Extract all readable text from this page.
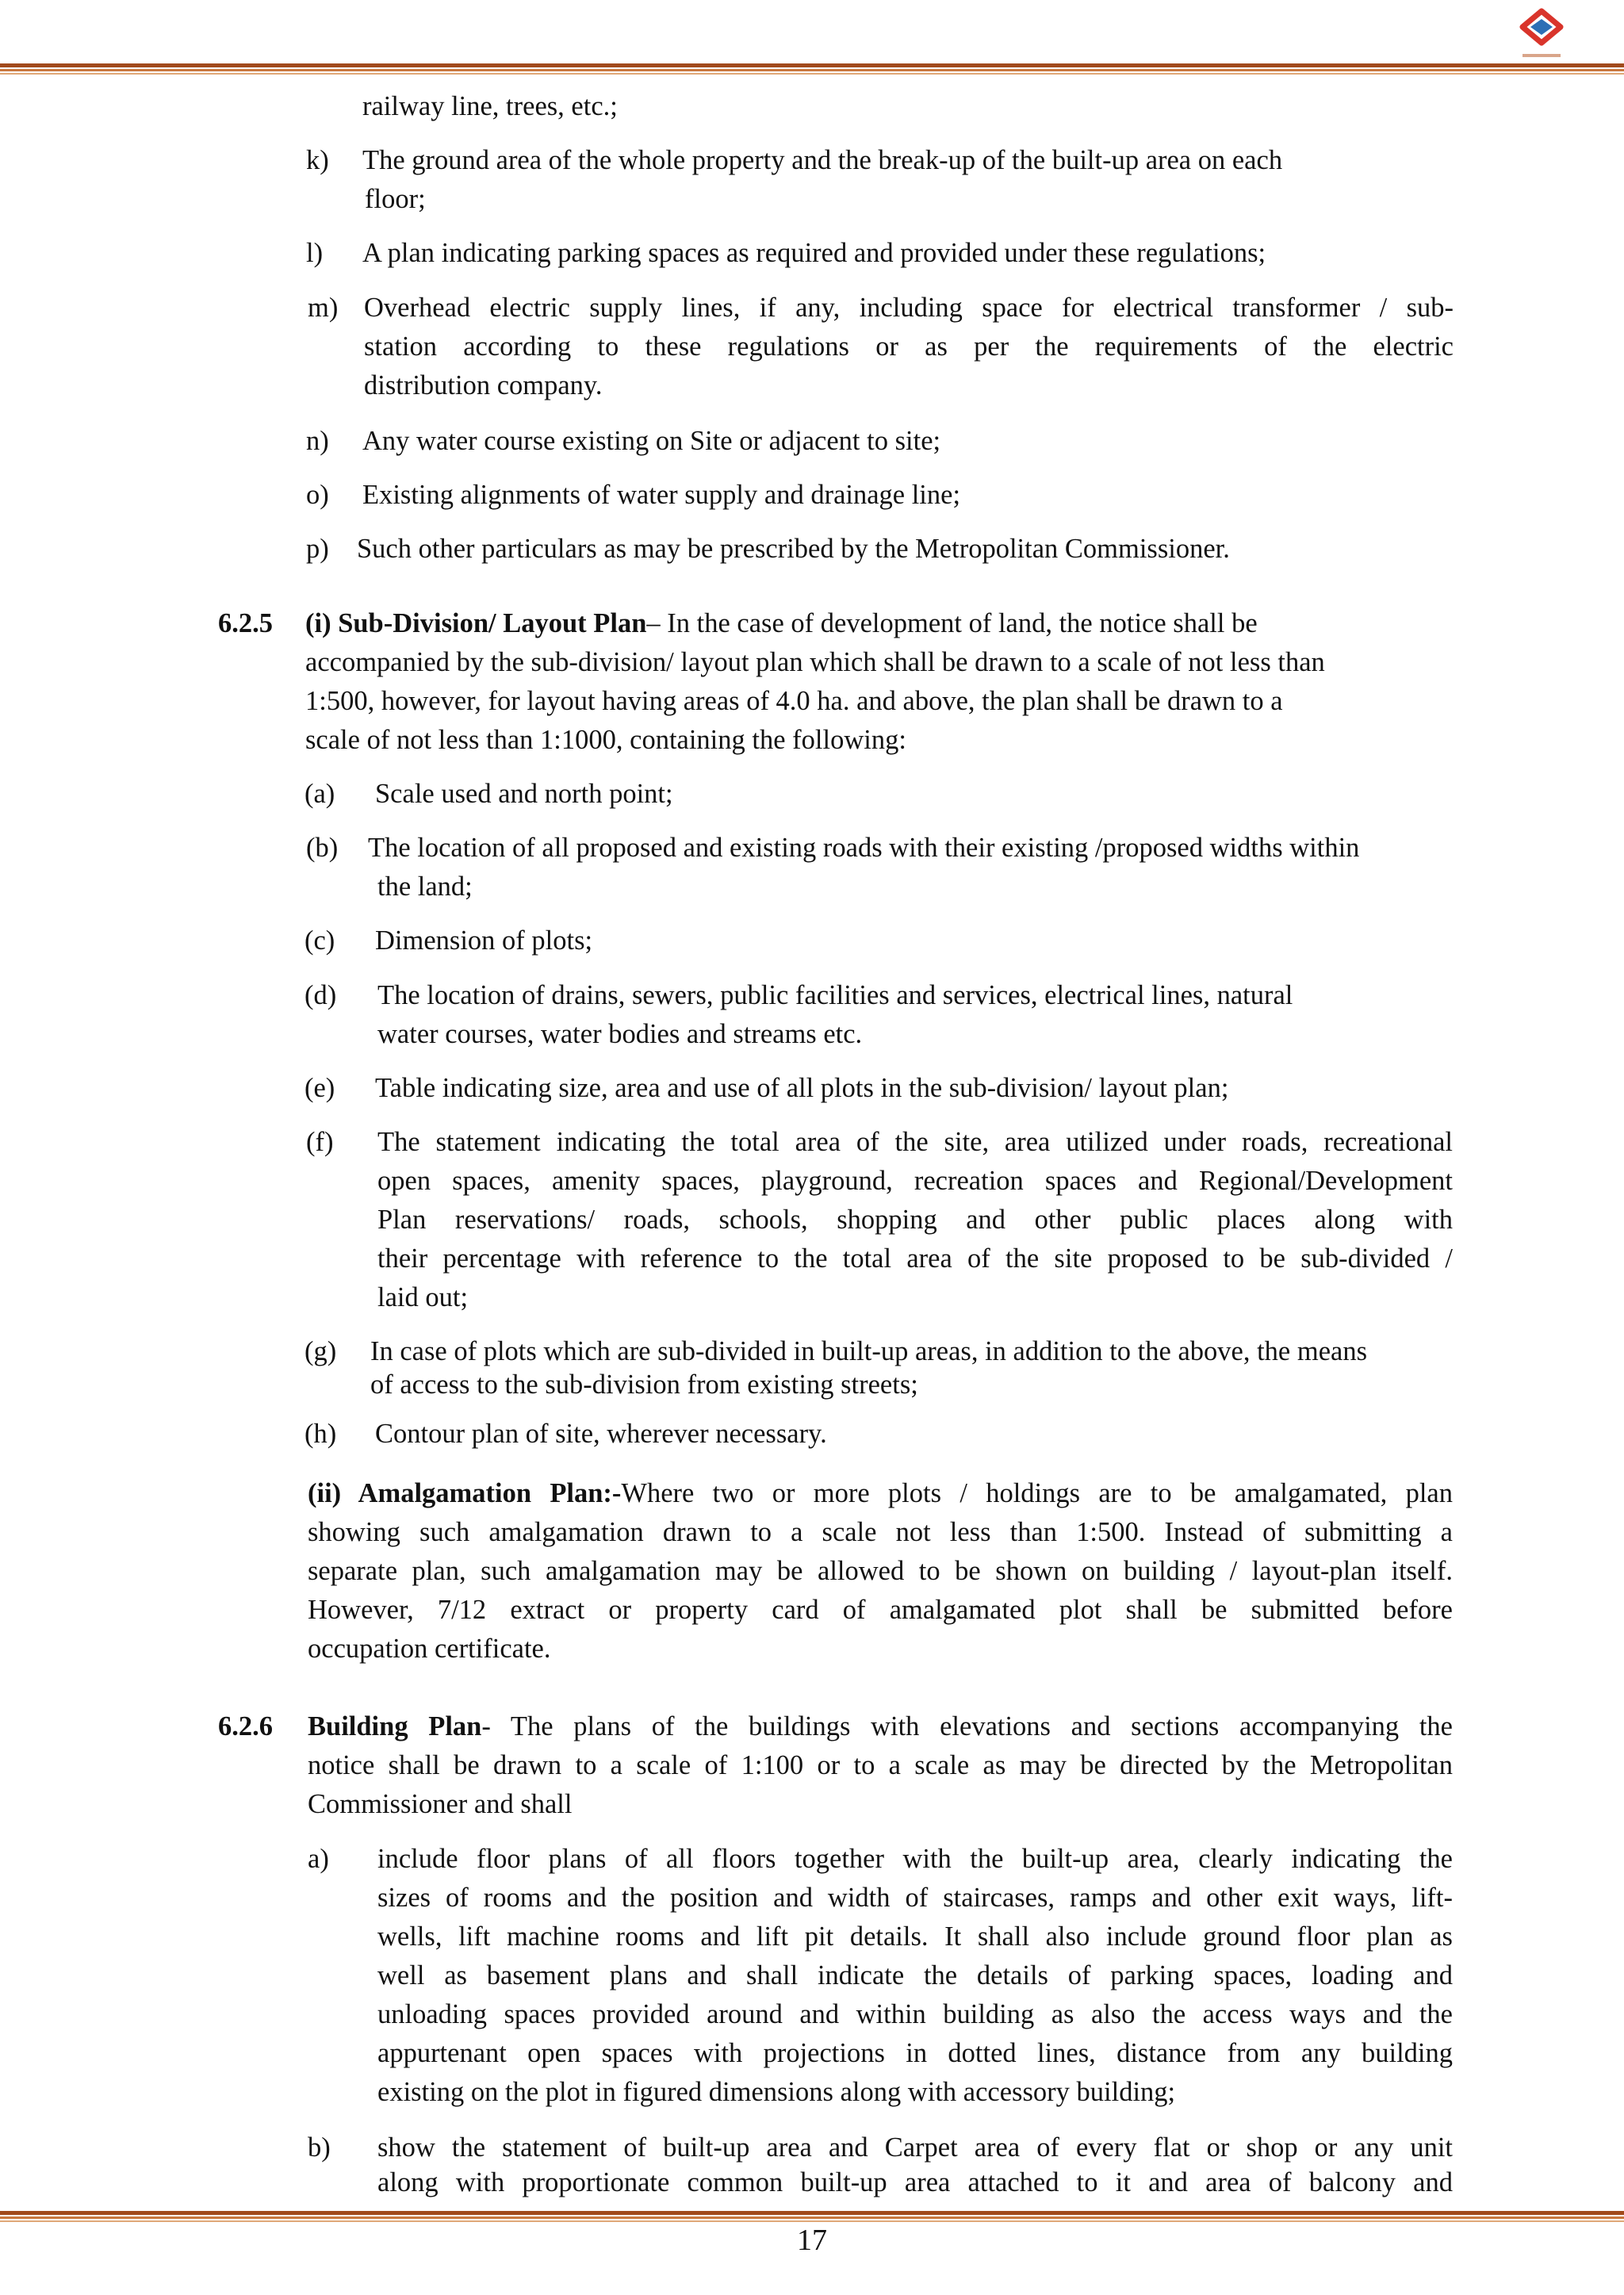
railway line, trees, etc.;
k) The ground area of the whole property and the break-up of the built-up area on each
floor;
l) A plan indicating parking spaces as required and provided under these regulations;
m) Overhead electric supply lines, if any, including space for electrical transformer / sub-
station according to these regulations or as per the requirements of the electric
distribution company.
n) Any water course existing on Site or adjacent to site;
o) Existing alignments of water supply and drainage line;
p) Such other particulars as may be prescribed by the Metropolitan Commissioner.
6.2.5 (i) Sub-Division/ Layout Plan– In the case of development of land, the notice shall be
accompanied by the sub-division/ layout plan which shall be drawn to a scale of not less than
1:500, however, for layout having areas of 4.0 ha. and above, the plan shall be drawn to a
scale of not less than 1:1000, containing the following:
(a) Scale used and north point;
(b) The location of all proposed and existing roads with their existing /proposed widths within
the land;
(c) Dimension of plots;
(d) The location of drains, sewers, public facilities and services, electrical lines, natural
water courses, water bodies and streams etc.
(e) Table indicating size, area and use of all plots in the sub-division/ layout plan;
(f) The statement indicating the total area of the site, area utilized under roads, recreational
open spaces, amenity spaces, playground, recreation spaces and Regional/Development
Plan reservations/ roads, schools, shopping and other public places along with
their percentage with reference to the total area of the site proposed to be sub-divided /
laid out;
(g) In case of plots which are sub-divided in built-up areas, in addition to the above, the means
of access to the sub-division from existing streets;
(h) Contour plan of site, wherever necessary.
(ii) Amalgamation Plan:-Where two or more plots / holdings are to be amalgamated, plan
showing such amalgamation drawn to a scale not less than 1:500. Instead of submitting a
separate plan, such amalgamation may be allowed to be shown on building / layout-plan itself.
However, 7/12 extract or property card of amalgamated plot shall be submitted before
occupation certificate.
6.2.6 Building Plan- The plans of the buildings with elevations and sections accompanying the
notice shall be drawn to a scale of 1:100 or to a scale as may be directed by the Metropolitan
Commissioner and shall
a) include floor plans of all floors together with the built-up area, clearly indicating the
sizes of rooms and the position and width of staircases, ramps and other exit ways, lift-
wells, lift machine rooms and lift pit details. It shall also include ground floor plan as
well as basement plans and shall indicate the details of parking spaces, loading and
unloading spaces provided around and within building as also the access ways and the
appurtenant open spaces with projections in dotted lines, distance from any building
existing on the plot in figured dimensions along with accessory building;
b) show the statement of built-up area and Carpet area of every flat or shop or any unit
along with proportionate common built-up area attached to it and area of balcony and
17
